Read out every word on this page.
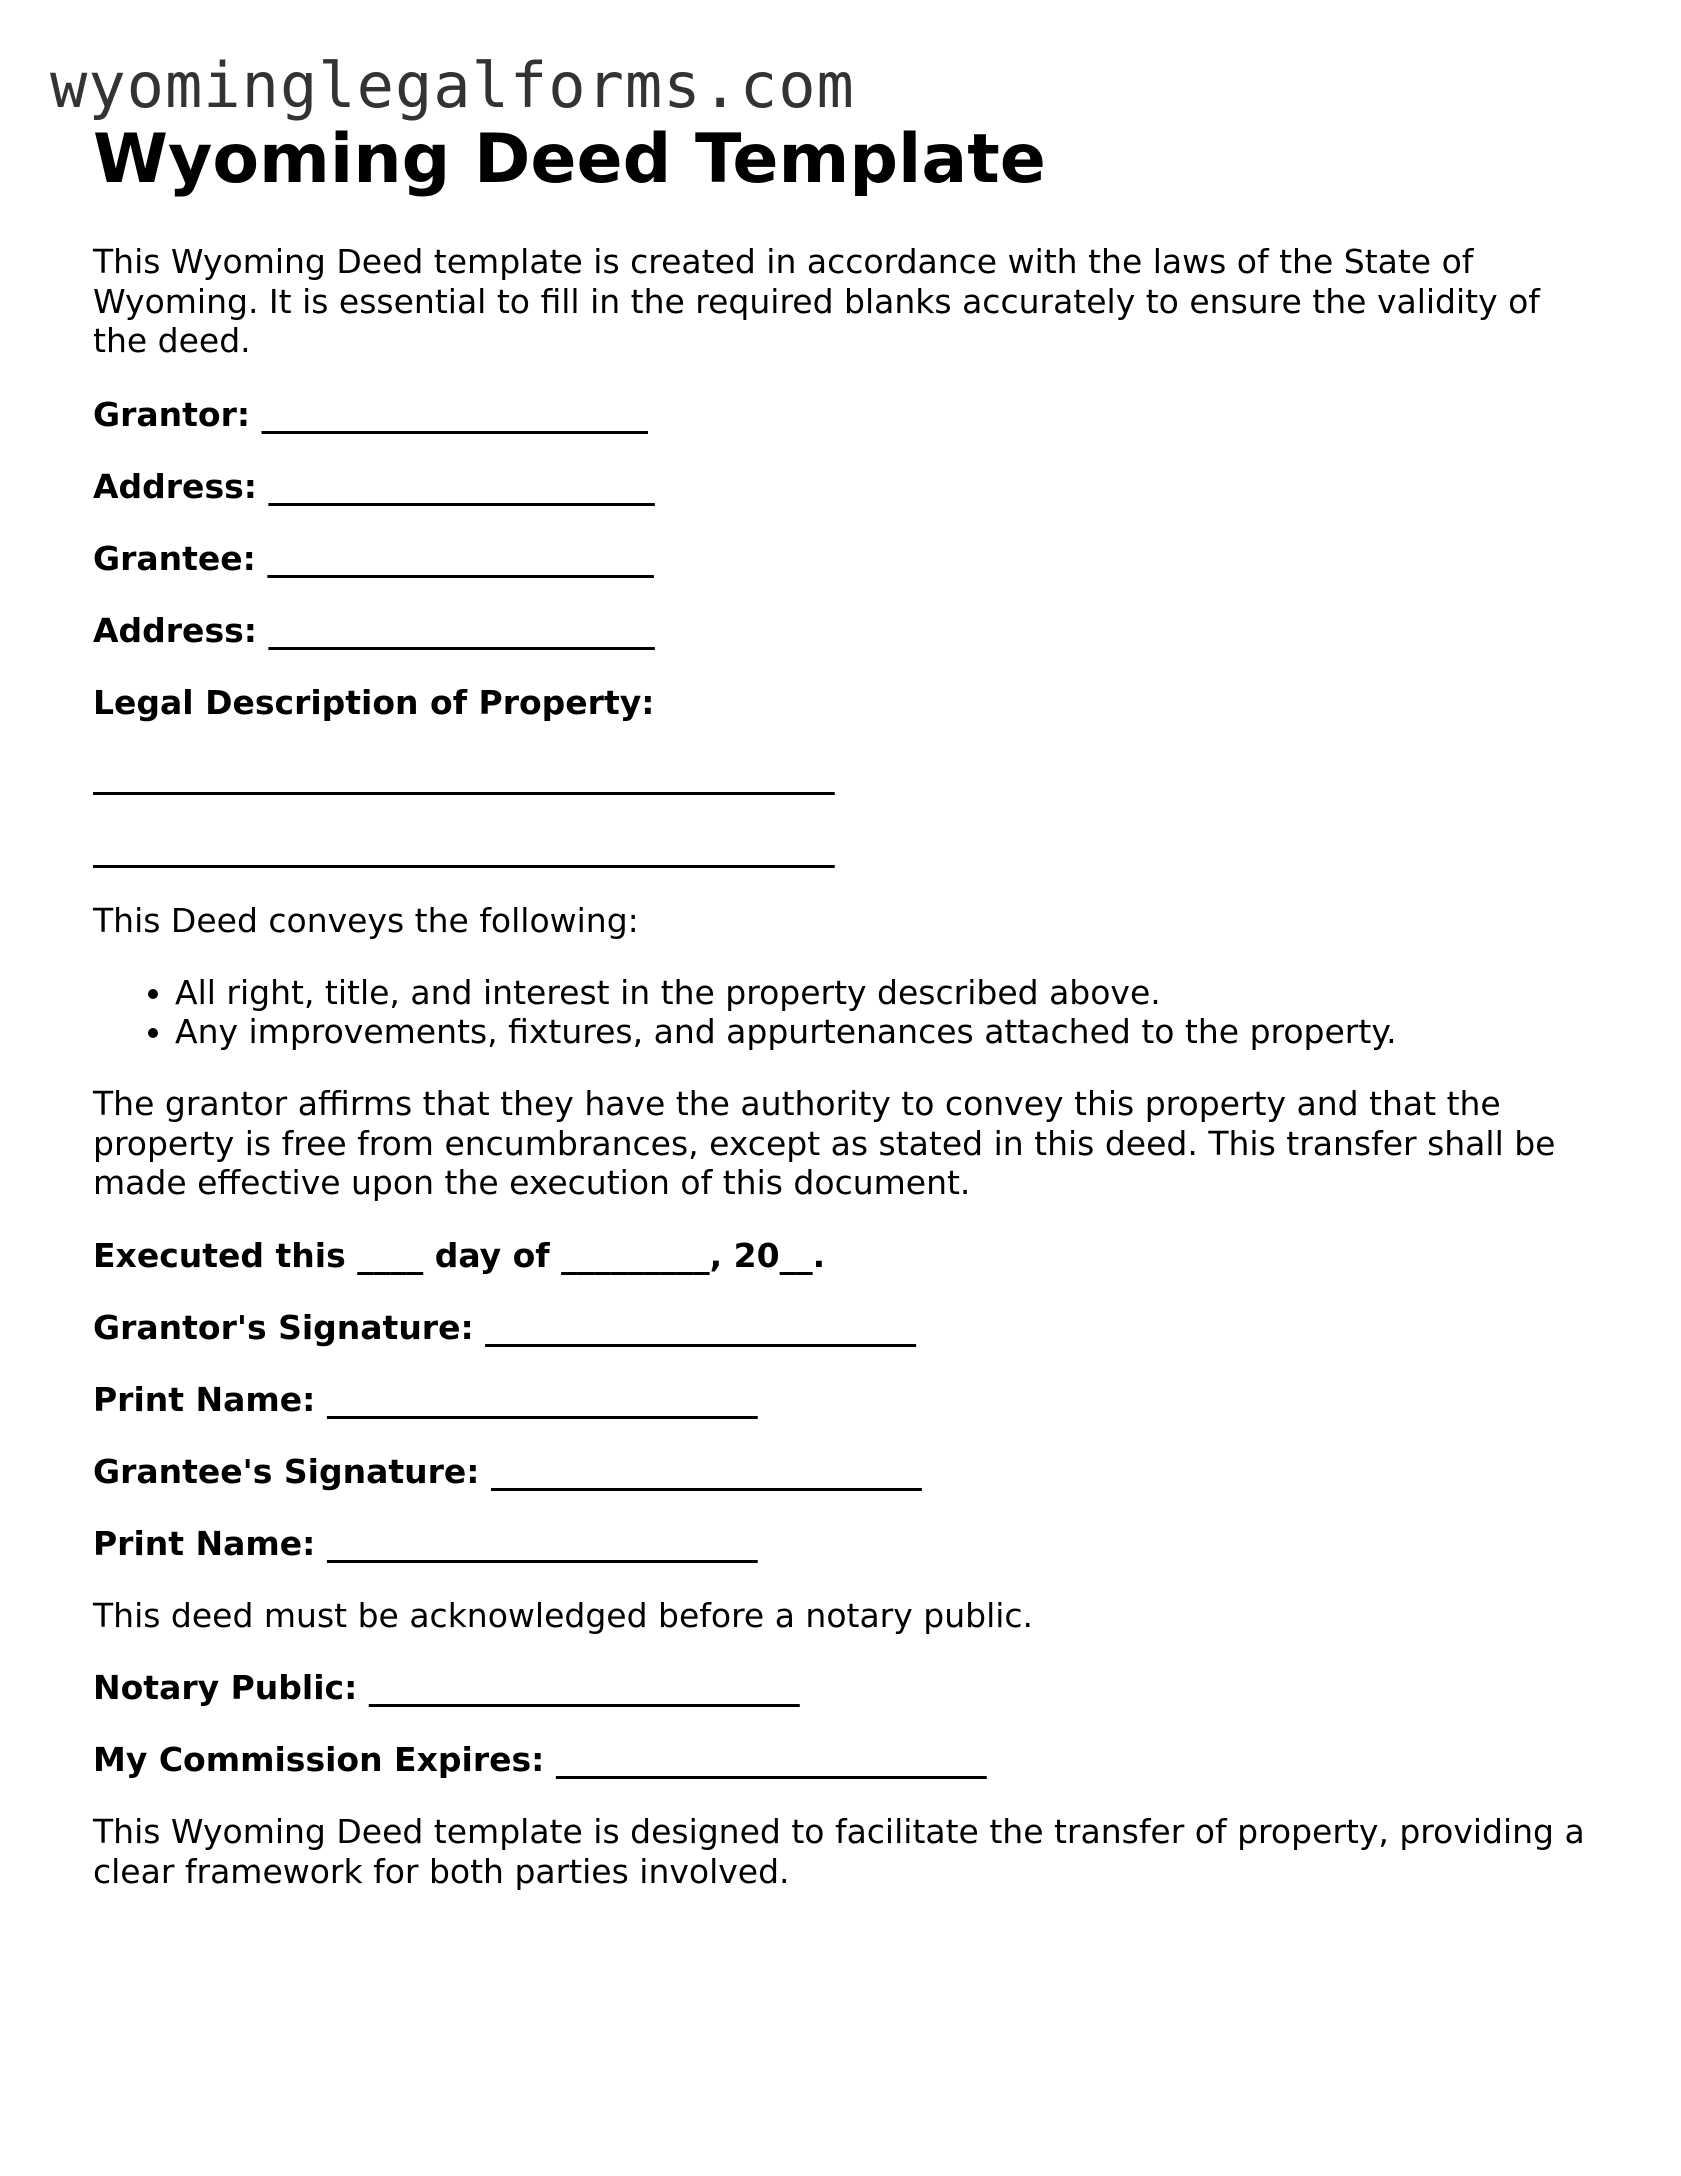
wyominglegalforms.com
Wyoming Deed Template

This Wyoming Deed template is created in accordance with the laws of the State of Wyoming. It is essential to fill in the required blanks accurately to ensure the validity of the deed.

Grantor: __________________________

Address: __________________________

Grantee: __________________________

Address: __________________________

Legal Description of Property:

__________________________________________________

__________________________________________________

This Deed conveys the following:

• All right, title, and interest in the property described above.
• Any improvements, fixtures, and appurtenances attached to the property.

The grantor affirms that they have the authority to convey this property and that the property is free from encumbrances, except as stated in this deed. This transfer shall be made effective upon the execution of this document.

Executed this ____ day of _________, 20__.

Grantor's Signature: _____________________________

Print Name: _____________________________

Grantee's Signature: _____________________________

Print Name: _____________________________

This deed must be acknowledged before a notary public.

Notary Public: _____________________________

My Commission Expires: _____________________________

This Wyoming Deed template is designed to facilitate the transfer of property, providing a clear framework for both parties involved.
